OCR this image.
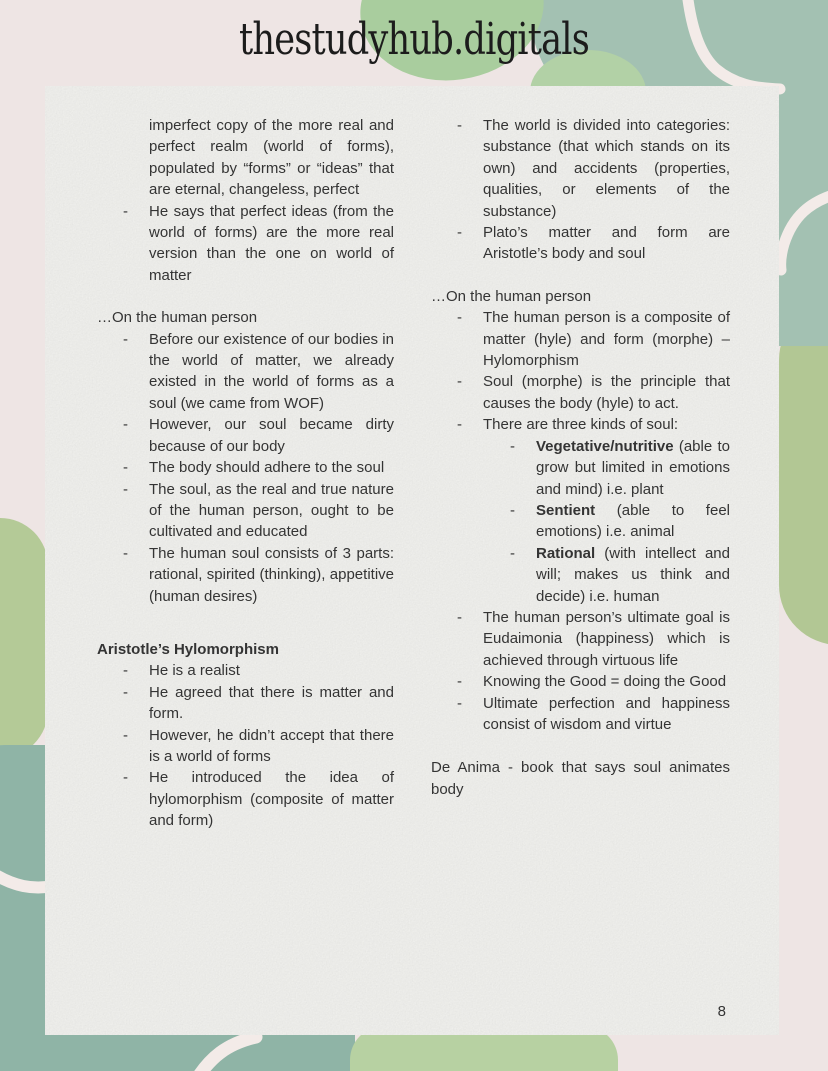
thestudyhub.digitals
imperfect copy of the more real and perfect realm (world of forms), populated by “forms” or “ideas” that are eternal, changeless, perfect
- He says that perfect ideas (from the world of forms) are the more real version than the one on world of matter
…On the human person
- Before our existence of our bodies in the world of matter, we already existed in the world of forms as a soul (we came from WOF)
- However, our soul became dirty because of our body
- The body should adhere to the soul
- The soul, as the real and true nature of the human person, ought to be cultivated and educated
- The human soul consists of 3 parts: rational, spirited (thinking), appetitive (human desires)
Aristotle’s Hylomorphism
- He is a realist
- He agreed that there is matter and form.
- However, he didn’t accept that there is a world of forms
- He introduced the idea of hylomorphism (composite of matter and form)
- The world is divided into categories: substance (that which stands on its own) and accidents (properties, qualities, or elements of the substance)
- Plato’s matter and form are Aristotle’s body and soul
…On the human person
- The human person is a composite of matter (hyle) and form (morphe) – Hylomorphism
- Soul (morphe) is the principle that causes the body (hyle) to act.
- There are three kinds of soul:
- Vegetative/nutritive (able to grow but limited in emotions and mind) i.e. plant
- Sentient (able to feel emotions) i.e. animal
- Rational (with intellect and will; makes us think and decide) i.e. human
- The human person’s ultimate goal is Eudaimonia (happiness) which is achieved through virtuous life
- Knowing the Good = doing the Good
- Ultimate perfection and happiness consist of wisdom and virtue
De Anima - book that says soul animates body
8
